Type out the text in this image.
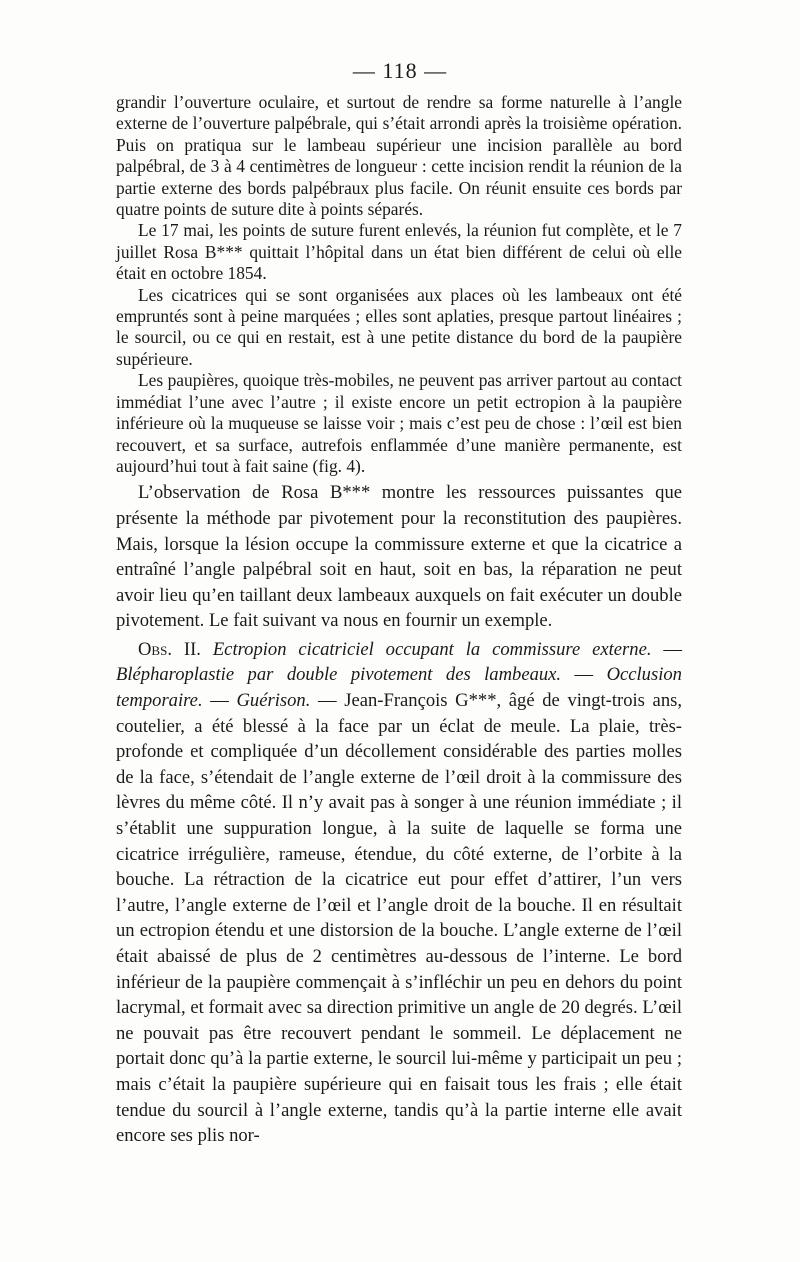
— 118 —

grandir l’ouverture oculaire, et surtout de rendre sa forme naturelle à l’angle externe de l’ouverture palpébrale, qui s’était arrondi après la troisième opération. Puis on pratiqua sur le lambeau supérieur une incision parallèle au bord palpébral, de 3 à 4 centimètres de longueur : cette incision rendit la réunion de la partie externe des bords palpébraux plus facile. On réunit ensuite ces bords par quatre points de suture dite à points séparés.

Le 17 mai, les points de suture furent enlevés, la réunion fut complète, et le 7 juillet Rosa B*** quittait l’hôpital dans un état bien différent de celui où elle était en octobre 1854.

Les cicatrices qui se sont organisées aux places où les lambeaux ont été empruntés sont à peine marquées ; elles sont aplaties, presque partout linéaires ; le sourcil, ou ce qui en restait, est à une petite distance du bord de la paupière supérieure.

Les paupières, quoique très-mobiles, ne peuvent pas arriver partout au contact immédiat l’une avec l’autre ; il existe encore un petit ectropion à la paupière inférieure où la muqueuse se laisse voir ; mais c’est peu de chose : l’œil est bien recouvert, et sa surface, autrefois enflammée d’une manière permanente, est aujourd’hui tout à fait saine (fig. 4).

L’observation de Rosa B*** montre les ressources puissantes que présente la méthode par pivotement pour la reconstitution des paupières. Mais, lorsque la lésion occupe la commissure externe et que la cicatrice a entraîné l’angle palpébral soit en haut, soit en bas, la réparation ne peut avoir lieu qu’en taillant deux lambeaux auxquels on fait exécuter un double pivotement. Le fait suivant va nous en fournir un exemple.

Obs. II. Ectropion cicatriciel occupant la commissure externe. — Blépharoplastie par double pivotement des lambeaux. — Occlusion temporaire. — Guérison. — Jean-François G***, âgé de vingt-trois ans, coutelier, a été blessé à la face par un éclat de meule. La plaie, très-profonde et compliquée d’un décollement considérable des parties molles de la face, s’étendait de l’angle externe de l’œil droit à la commissure des lèvres du même côté. Il n’y avait pas à songer à une réunion immédiate ; il s’établit une suppuration longue, à la suite de laquelle se forma une cicatrice irrégulière, rameuse, étendue, du côté externe, de l’orbite à la bouche. La rétraction de la cicatrice eut pour effet d’attirer, l’un vers l’autre, l’angle externe de l’œil et l’angle droit de la bouche. Il en résultait un ectropion étendu et une distorsion de la bouche. L’angle externe de l’œil était abaissé de plus de 2 centimètres au-dessous de l’interne. Le bord inférieur de la paupière commençait à s’infléchir un peu en dehors du point lacrymal, et formait avec sa direction primitive un angle de 20 degrés. L’œil ne pouvait pas être recouvert pendant le sommeil. Le déplacement ne portait donc qu’à la partie externe, le sourcil lui-même y participait un peu ; mais c’était la paupière supérieure qui en faisait tous les frais ; elle était tendue du sourcil à l’angle externe, tandis qu’à la partie interne elle avait encore ses plis nor-
